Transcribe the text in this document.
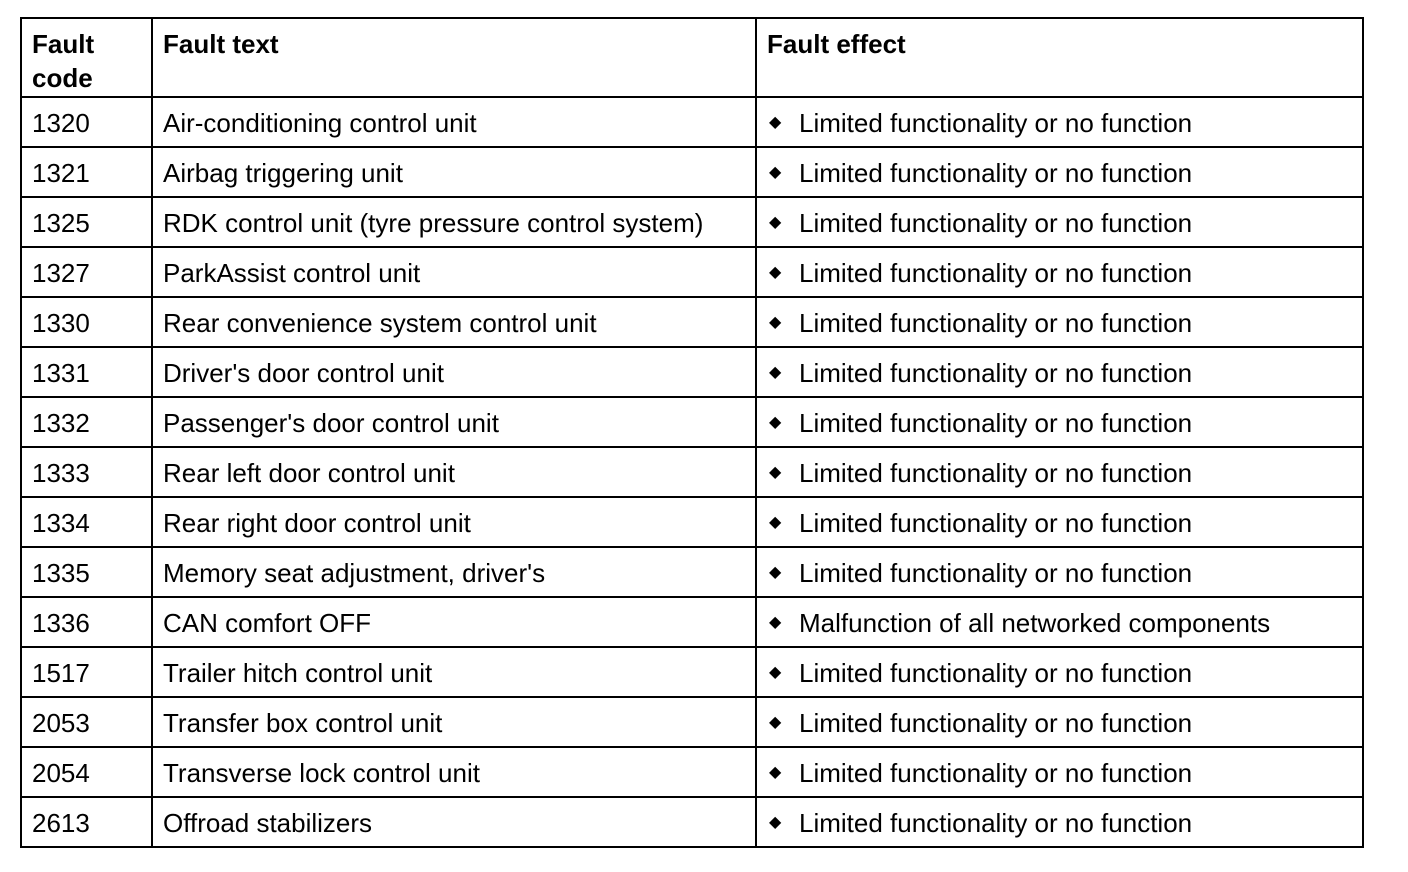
Fault code	Fault text	Fault effect
1320	Air-conditioning control unit	◆ Limited functionality or no function
1321	Airbag triggering unit	◆ Limited functionality or no function
1325	RDK control unit (tyre pressure control system)	◆ Limited functionality or no function
1327	ParkAssist control unit	◆ Limited functionality or no function
1330	Rear convenience system control unit	◆ Limited functionality or no function
1331	Driver's door control unit	◆ Limited functionality or no function
1332	Passenger's door control unit	◆ Limited functionality or no function
1333	Rear left door control unit	◆ Limited functionality or no function
1334	Rear right door control unit	◆ Limited functionality or no function
1335	Memory seat adjustment, driver's	◆ Limited functionality or no function
1336	CAN comfort OFF	◆ Malfunction of all networked components
1517	Trailer hitch control unit	◆ Limited functionality or no function
2053	Transfer box control unit	◆ Limited functionality or no function
2054	Transverse lock control unit	◆ Limited functionality or no function
2613	Offroad stabilizers	◆ Limited functionality or no function
